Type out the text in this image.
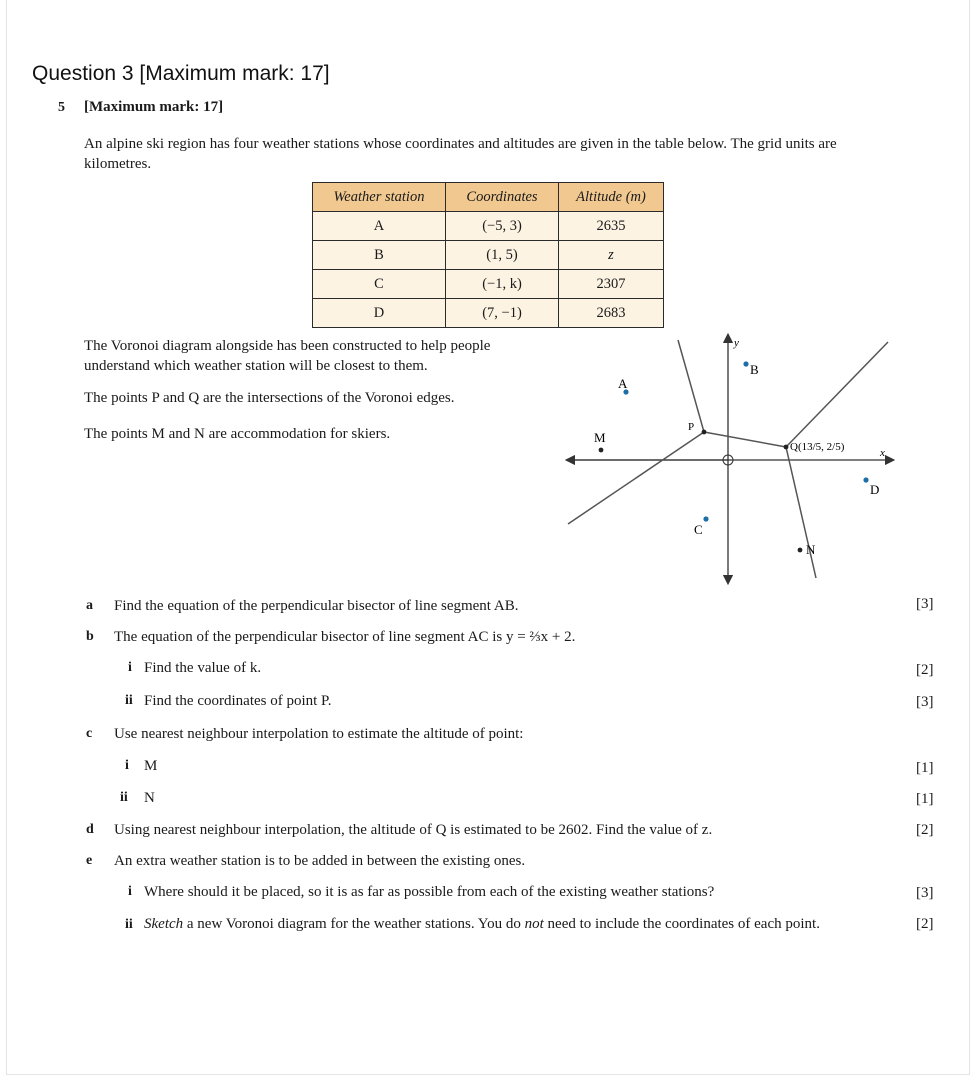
Question 3 [Maximum mark: 17]
5 [Maximum mark: 17]
An alpine ski region has four weather stations whose coordinates and altitudes are given in the table below. The grid units are kilometres.
Weather station	Coordinates	Altitude (m)
A	(−5, 3)	2635
B	(1, 5)	z
C	(−1, k)	2307
D	(7, −1)	2683
The Voronoi diagram alongside has been constructed to help people understand which weather station will be closest to them.
The points P and Q are the intersections of the Voronoi edges.
The points M and N are accommodation for skiers.
y
x
A
B
C
D
M
N
P
Q(13/5, 2/5)
a Find the equation of the perpendicular bisector of line segment AB.	[3]
b The equation of the perpendicular bisector of line segment AC is y = ⅔x + 2.
i Find the value of k.	[2]
ii Find the coordinates of point P.	[3]
c Use nearest neighbour interpolation to estimate the altitude of point:
i M	[1]
ii N	[1]
d Using nearest neighbour interpolation, the altitude of Q is estimated to be 2602. Find the value of z.	[2]
e An extra weather station is to be added in between the existing ones.
i Where should it be placed, so it is as far as possible from each of the existing weather stations?	[3]
ii Sketch a new Voronoi diagram for the weather stations. You do not need to include the coordinates of each point.	[2]
